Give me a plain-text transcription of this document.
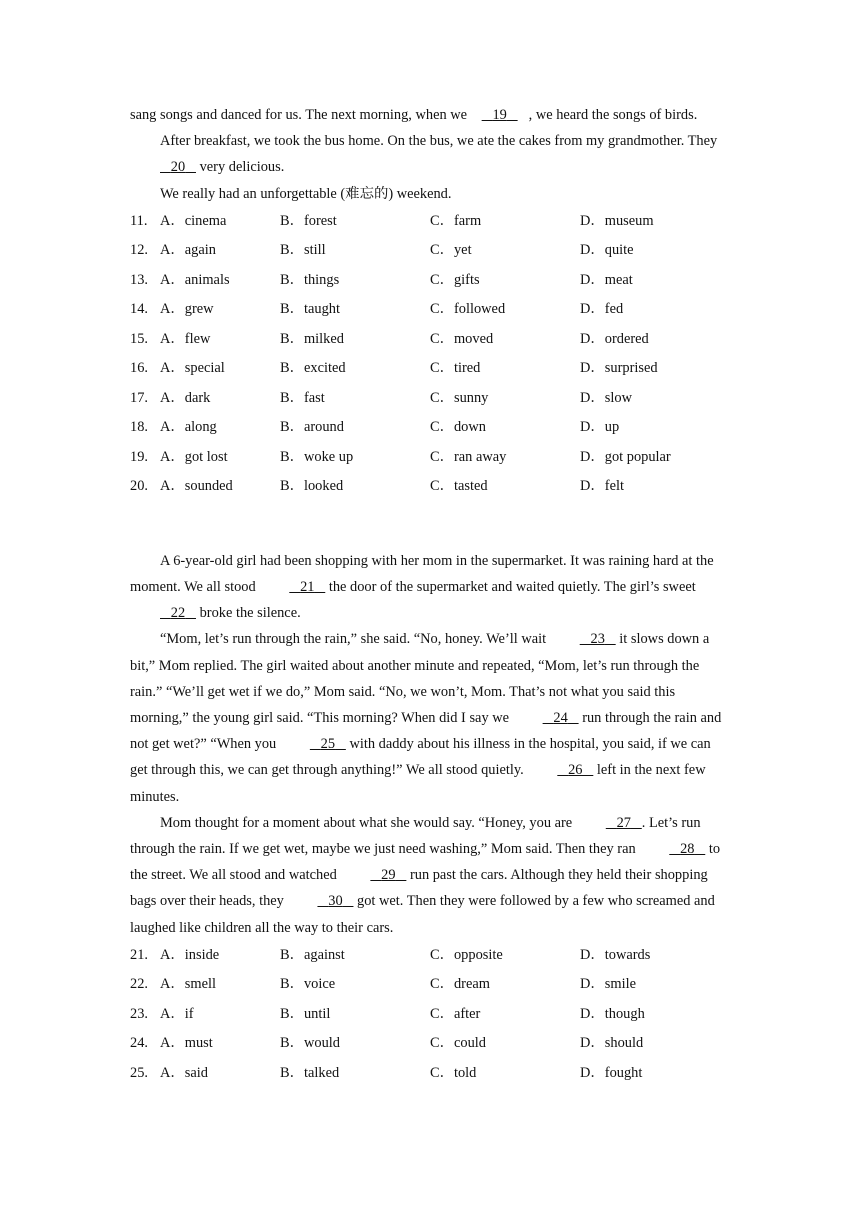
sang songs and danced for us. The next morning, when we    19 , we heard the songs of birds.

After breakfast, we took the bus home. On the bus, we ate the cakes from my grandmother. They    20    very delicious.

We really had an unforgettable (难忘的) weekend.

11. A．cinema	B．forest	C．farm	D．museum
12. A．again	B．still	C．yet	D．quite
13. A．animals	B．things	C．gifts	D．meat
14. A．grew	B．taught	C．followed	D．fed
15. A．flew	B．milked	C．moved	D．ordered
16. A．special	B．excited	C．tired	D．surprised
17. A．dark	B．fast	C．sunny	D．slow
18. A．along	B．around	C．down	D．up
19. A．got lost	B．woke up	C．ran away	D．got popular
20. A．sounded	B．looked	C．tasted	D．felt

A 6-year-old girl had been shopping with her mom in the supermarket. It was raining hard at the moment. We all stood	21    the door of the supermarket and waited quietly. The girl’s sweet    22    broke the silence.

“Mom, let’s run through the rain,” she said. “No, honey. We’ll wait	23    it slows down a bit,” Mom replied. The girl waited about another minute and repeated, “Mom, let’s run through the rain.” “We’ll get wet if we do,” Mom said. “No, we won’t, Mom. That’s not what you said this morning,” the young girl said. “This morning? When did I say we	24    run through the rain and not get wet?” “When you	25    with daddy about his illness in the hospital, you said, if we can get through this, we can get through anything!” We all stood quietly.	26    left in the next few minutes.

Mom thought for a moment about what she would say. “Honey, you are	27 . Let’s run through the rain. If we get wet, maybe we just need washing,” Mom said. Then they ran	28    to the street. We all stood and watched	29    run past the cars. Although they held their shopping bags over their heads, they	30    got wet. Then they were followed by a few who screamed and laughed like children all the way to their cars.

21. A．inside	B．against	C．opposite	D．towards
22. A．smell	B．voice	C．dream	D．smile
23. A．if	B．until	C．after	D．though
24. A．must	B．would	C．could	D．should
25. A．said	B．talked	C．told	D．fought
